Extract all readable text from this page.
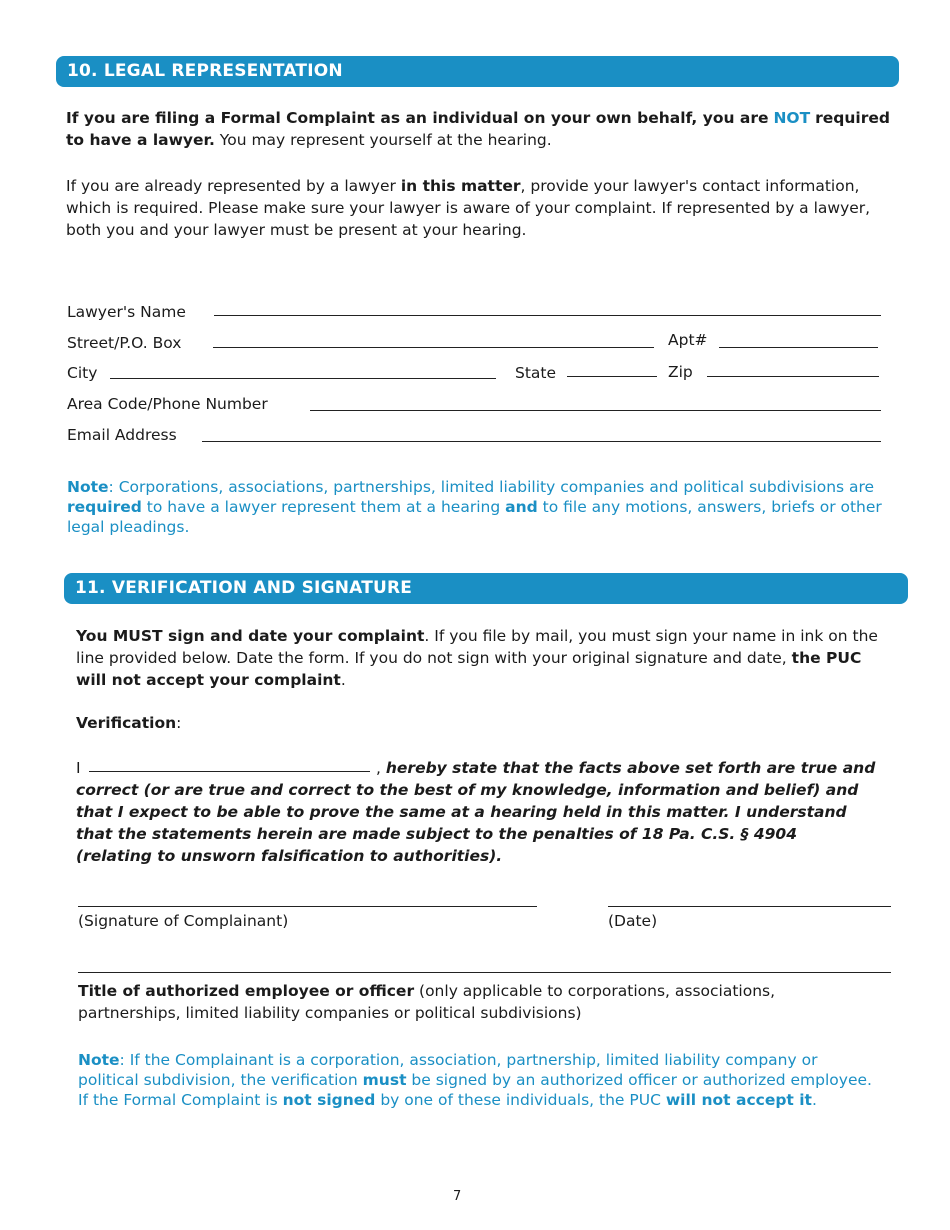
10. LEGAL REPRESENTATION
If you are filing a Formal Complaint as an individual on your own behalf, you are NOT required to have a lawyer. You may represent yourself at the hearing.
If you are already represented by a lawyer in this matter, provide your lawyer's contact information, which is required. Please make sure your lawyer is aware of your complaint. If represented by a lawyer, both you and your lawyer must be present at your hearing.
Lawyer's Name
Street/P.O. Box	Apt#
City	State	Zip
Area Code/Phone Number
Email Address
Note: Corporations, associations, partnerships, limited liability companies and political subdivisions are required to have a lawyer represent them at a hearing and to file any motions, answers, briefs or other legal pleadings.
11. VERIFICATION AND SIGNATURE
You MUST sign and date your complaint. If you file by mail, you must sign your name in ink on the line provided below. Date the form. If you do not sign with your original signature and date, the PUC will not accept your complaint.
Verification:
I	, hereby state that the facts above set forth are true and correct (or are true and correct to the best of my knowledge, information and belief) and that I expect to be able to prove the same at a hearing held in this matter. I understand that the statements herein are made subject to the penalties of 18 Pa. C.S. § 4904 (relating to unsworn falsification to authorities).
(Signature of Complainant)	(Date)
Title of authorized employee or officer (only applicable to corporations, associations, partnerships, limited liability companies or political subdivisions)
Note: If the Complainant is a corporation, association, partnership, limited liability company or political subdivision, the verification must be signed by an authorized officer or authorized employee. If the Formal Complaint is not signed by one of these individuals, the PUC will not accept it.
7
